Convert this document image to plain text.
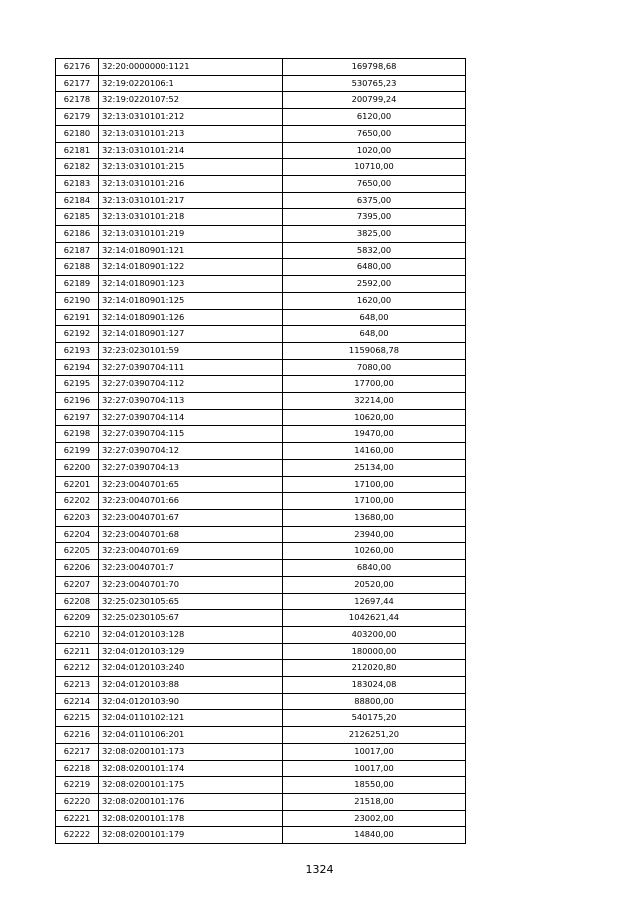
62176	32:20:0000000:1121	169798,68
62177	32:19:0220106:1	530765,23
62178	32:19:0220107:52	200799,24
62179	32:13:0310101:212	6120,00
62180	32:13:0310101:213	7650,00
62181	32:13:0310101:214	1020,00
62182	32:13:0310101:215	10710,00
62183	32:13:0310101:216	7650,00
62184	32:13:0310101:217	6375,00
62185	32:13:0310101:218	7395,00
62186	32:13:0310101:219	3825,00
62187	32:14:0180901:121	5832,00
62188	32:14:0180901:122	6480,00
62189	32:14:0180901:123	2592,00
62190	32:14:0180901:125	1620,00
62191	32:14:0180901:126	648,00
62192	32:14:0180901:127	648,00
62193	32:23:0230101:59	1159068,78
62194	32:27:0390704:111	7080,00
62195	32:27:0390704:112	17700,00
62196	32:27:0390704:113	32214,00
62197	32:27:0390704:114	10620,00
62198	32:27:0390704:115	19470,00
62199	32:27:0390704:12	14160,00
62200	32:27:0390704:13	25134,00
62201	32:23:0040701:65	17100,00
62202	32:23:0040701:66	17100,00
62203	32:23:0040701:67	13680,00
62204	32:23:0040701:68	23940,00
62205	32:23:0040701:69	10260,00
62206	32:23:0040701:7	6840,00
62207	32:23:0040701:70	20520,00
62208	32:25:0230105:65	12697,44
62209	32:25:0230105:67	1042621,44
62210	32:04:0120103:128	403200,00
62211	32:04:0120103:129	180000,00
62212	32:04:0120103:240	212020,80
62213	32:04:0120103:88	183024,08
62214	32:04:0120103:90	88800,00
62215	32:04:0110102:121	540175,20
62216	32:04:0110106:201	2126251,20
62217	32:08:0200101:173	10017,00
62218	32:08:0200101:174	10017,00
62219	32:08:0200101:175	18550,00
62220	32:08:0200101:176	21518,00
62221	32:08:0200101:178	23002,00
62222	32:08:0200101:179	14840,00
1324
